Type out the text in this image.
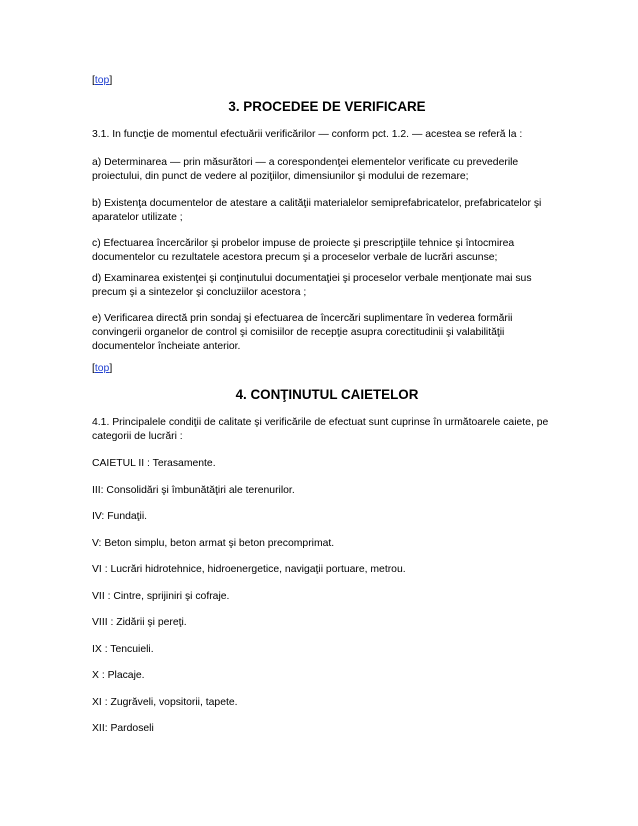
[top]
3. PROCEDEE DE VERIFICARE

3.1. In funcţie de momentul efectuării verificărilor — conform pct. 1.2. — acestea se referă la :

a) Determinarea — prin măsurători — a corespondenţei elementelor verificate cu prevederile proiectului, din punct de vedere al poziţiilor, dimensiunilor şi modului de rezemare;

b) Existenţa documentelor de atestare a calităţii materialelor semiprefabricatelor, prefabricatelor şi aparatelor utilizate ;

c) Efectuarea încercărilor şi probelor impuse de proiecte şi prescripţiile tehnice şi întocmirea documentelor cu rezultatele acestora precum şi a proceselor verbale de lucrări ascunse;

d) Examinarea existenţei şi conţinutului documentaţiei şi proceselor verbale menţionate mai sus precum şi a sintezelor şi concluziilor acestora ;

e) Verificarea directă prin sondaj şi efectuarea de încercări suplimentare în vederea formării convingerii organelor de control şi comisiilor de recepţie asupra corectitudinii şi valabilităţii documentelor încheiate anterior.

[top]
4. CONŢINUTUL CAIETELOR

4.1. Principalele condiţii de calitate şi verificările de efectuat sunt cuprinse în următoarele caiete, pe categorii de lucrări :

CAIETUL II : Terasamente.

III: Consolidări şi îmbunătăţiri ale terenurilor.

IV: Fundaţii.

V: Beton simplu, beton armat şi beton precomprimat.

VI : Lucrări hidrotehnice, hidroenergetice, navigaţii portuare, metrou.

VII : Cintre, sprijiniri şi cofraje.

VIII : Zidării şi pereţi.

IX : Tencuieli.

X : Placaje.

XI : Zugrăveli, vopsitorii, tapete.

XII: Pardoseli
